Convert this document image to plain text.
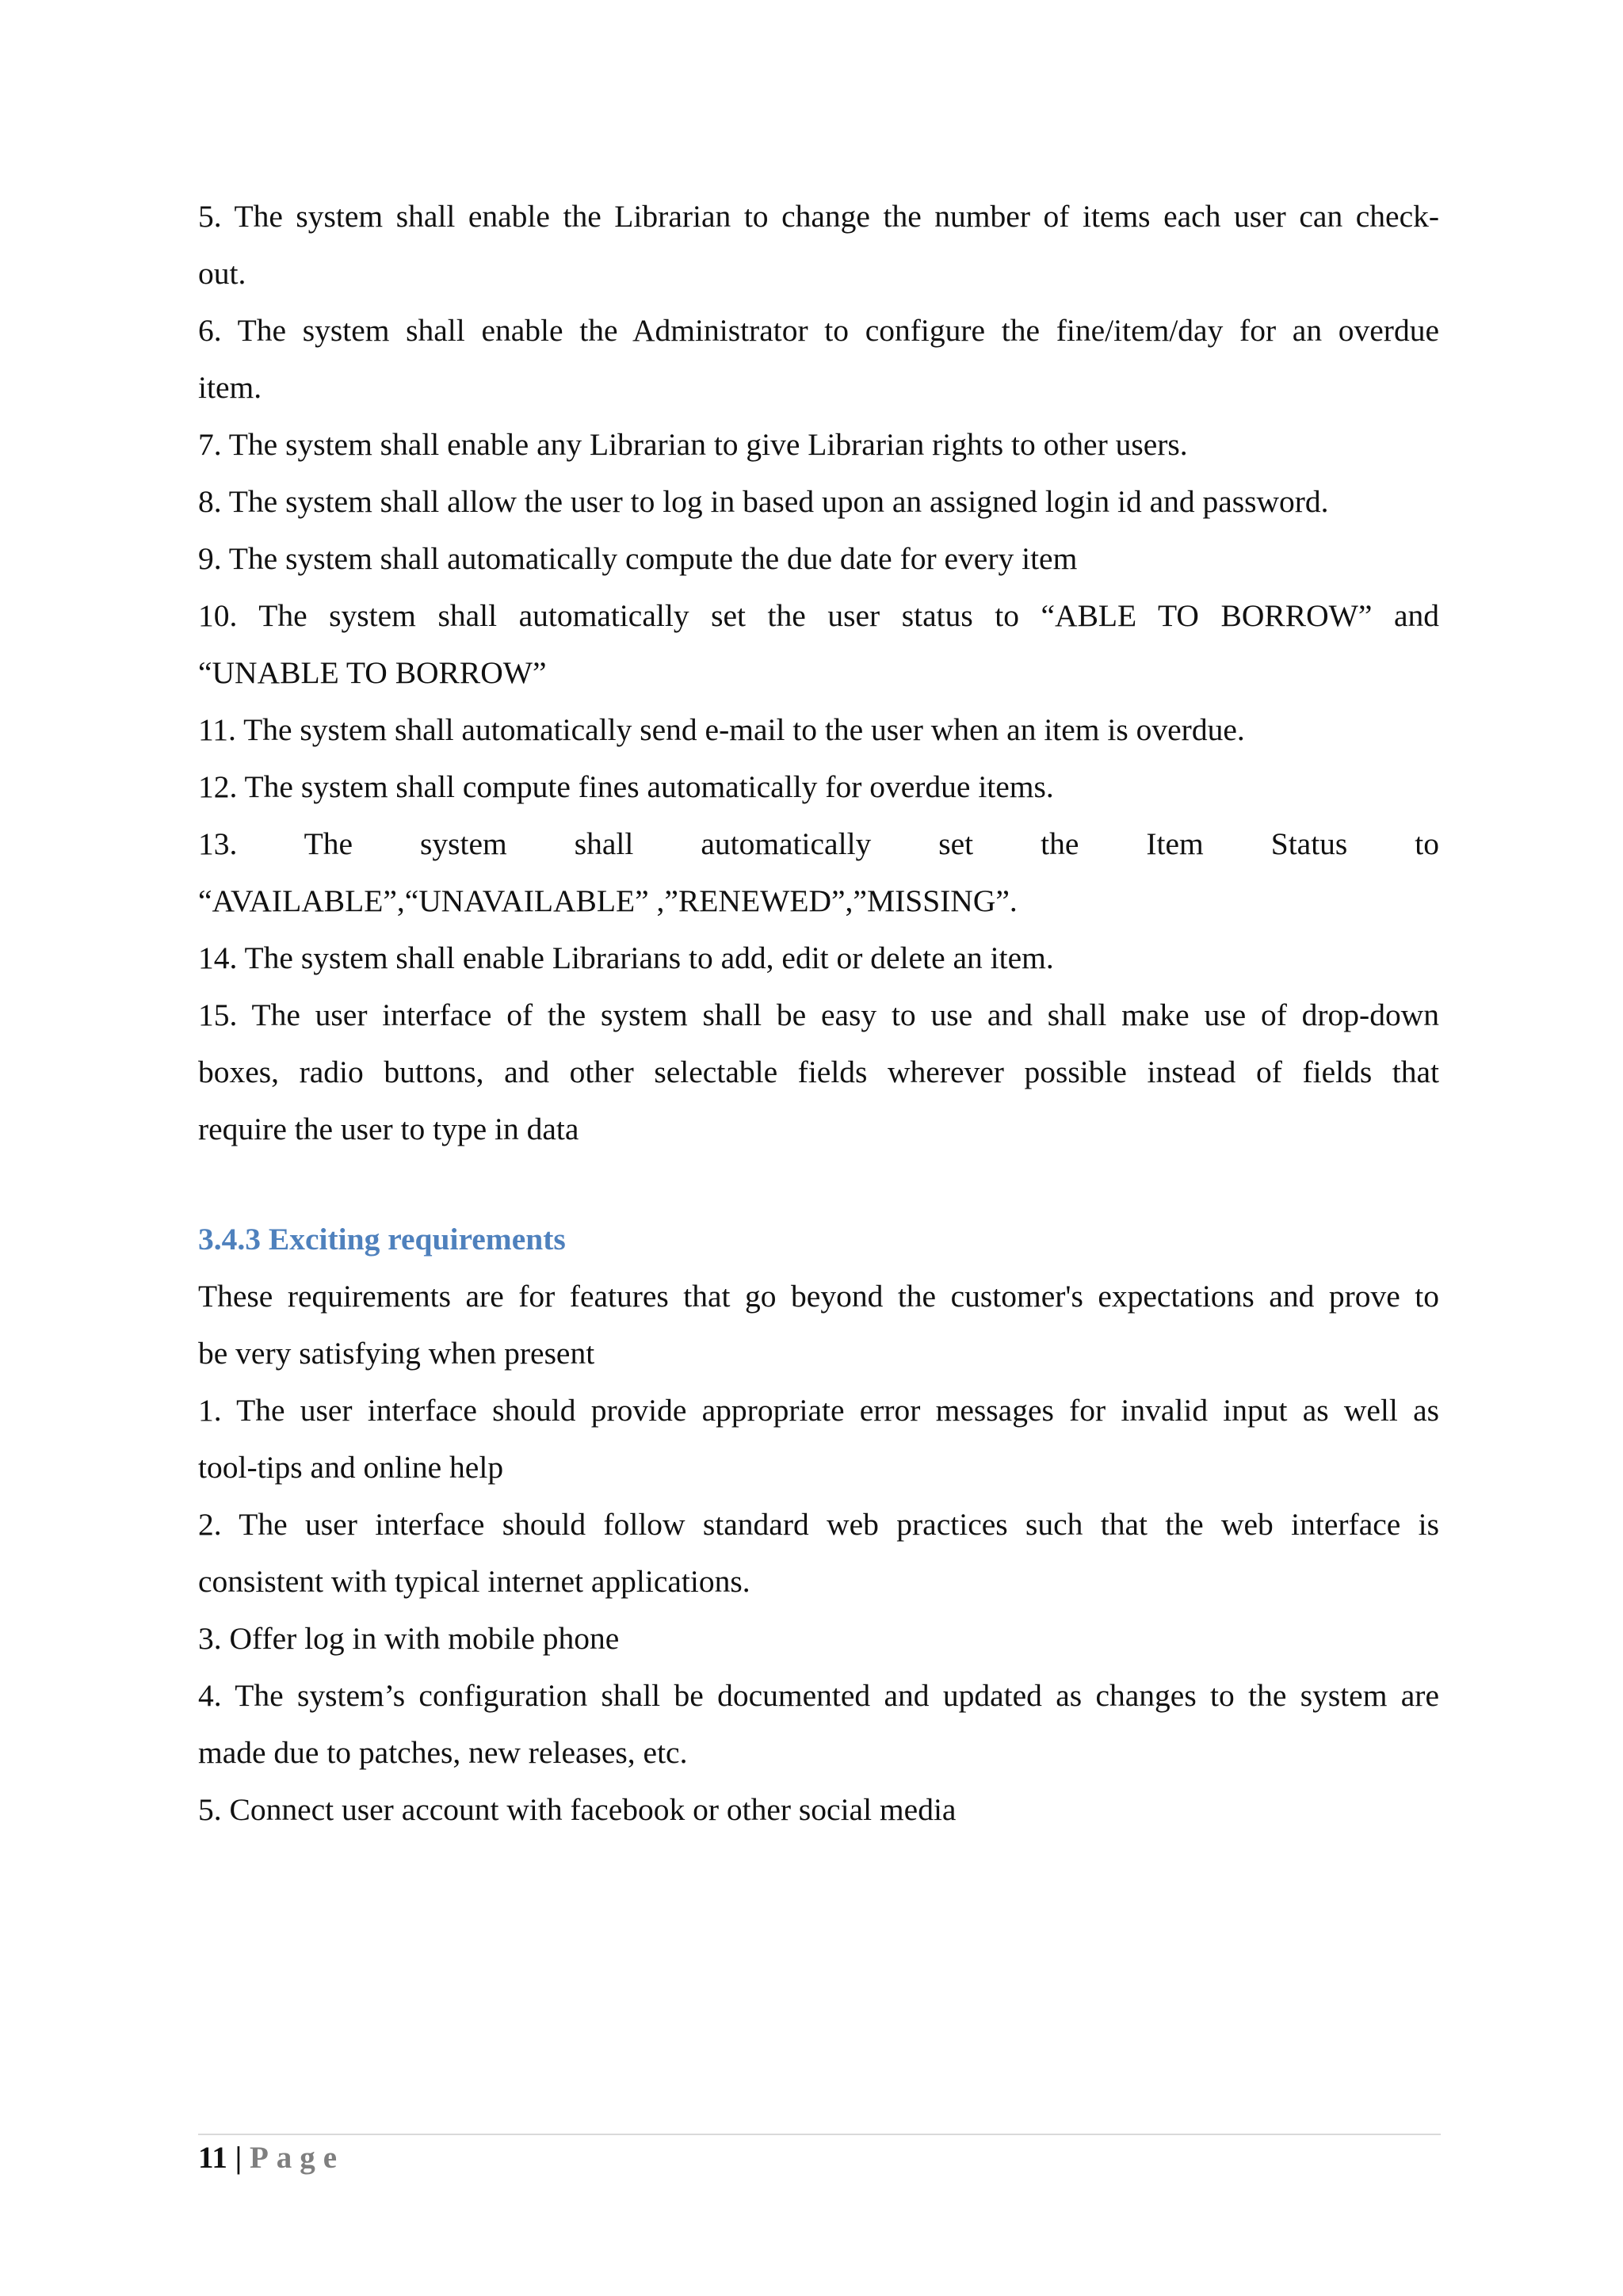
5. The system shall enable the Librarian to change the number of items each user can check-
out.
6. The system shall enable the Administrator to configure the fine/item/day for an overdue
item.
7. The system shall enable any Librarian to give Librarian rights to other users.
8. The system shall allow the user to log in based upon an assigned login id and password.
9. The system shall automatically compute the due date for every item
10. The system shall automatically set the user status to “ABLE TO BORROW” and
“UNABLE TO BORROW”
11. The system shall automatically send e-mail to the user when an item is overdue.
12. The system shall compute fines automatically for overdue items.
13. The system shall automatically set the Item Status to
“AVAILABLE”,“UNAVAILABLE” ,”RENEWED”,”MISSING”.
14. The system shall enable Librarians to add, edit or delete an item.
15. The user interface of the system shall be easy to use and shall make use of drop-down
boxes, radio buttons, and other selectable fields wherever possible instead of fields that
require the user to type in data
3.4.3 Exciting requirements
These requirements are for features that go beyond the customer's expectations and prove to
be very satisfying when present
1. The user interface should provide appropriate error messages for invalid input as well as
tool-tips and online help
2. The user interface should follow standard web practices such that the web interface is
consistent with typical internet applications.
3. Offer log in with mobile phone
4. The system’s configuration shall be documented and updated as changes to the system are
made due to patches, new releases, etc.
5. Connect user account with facebook or other social media
11 | Page
